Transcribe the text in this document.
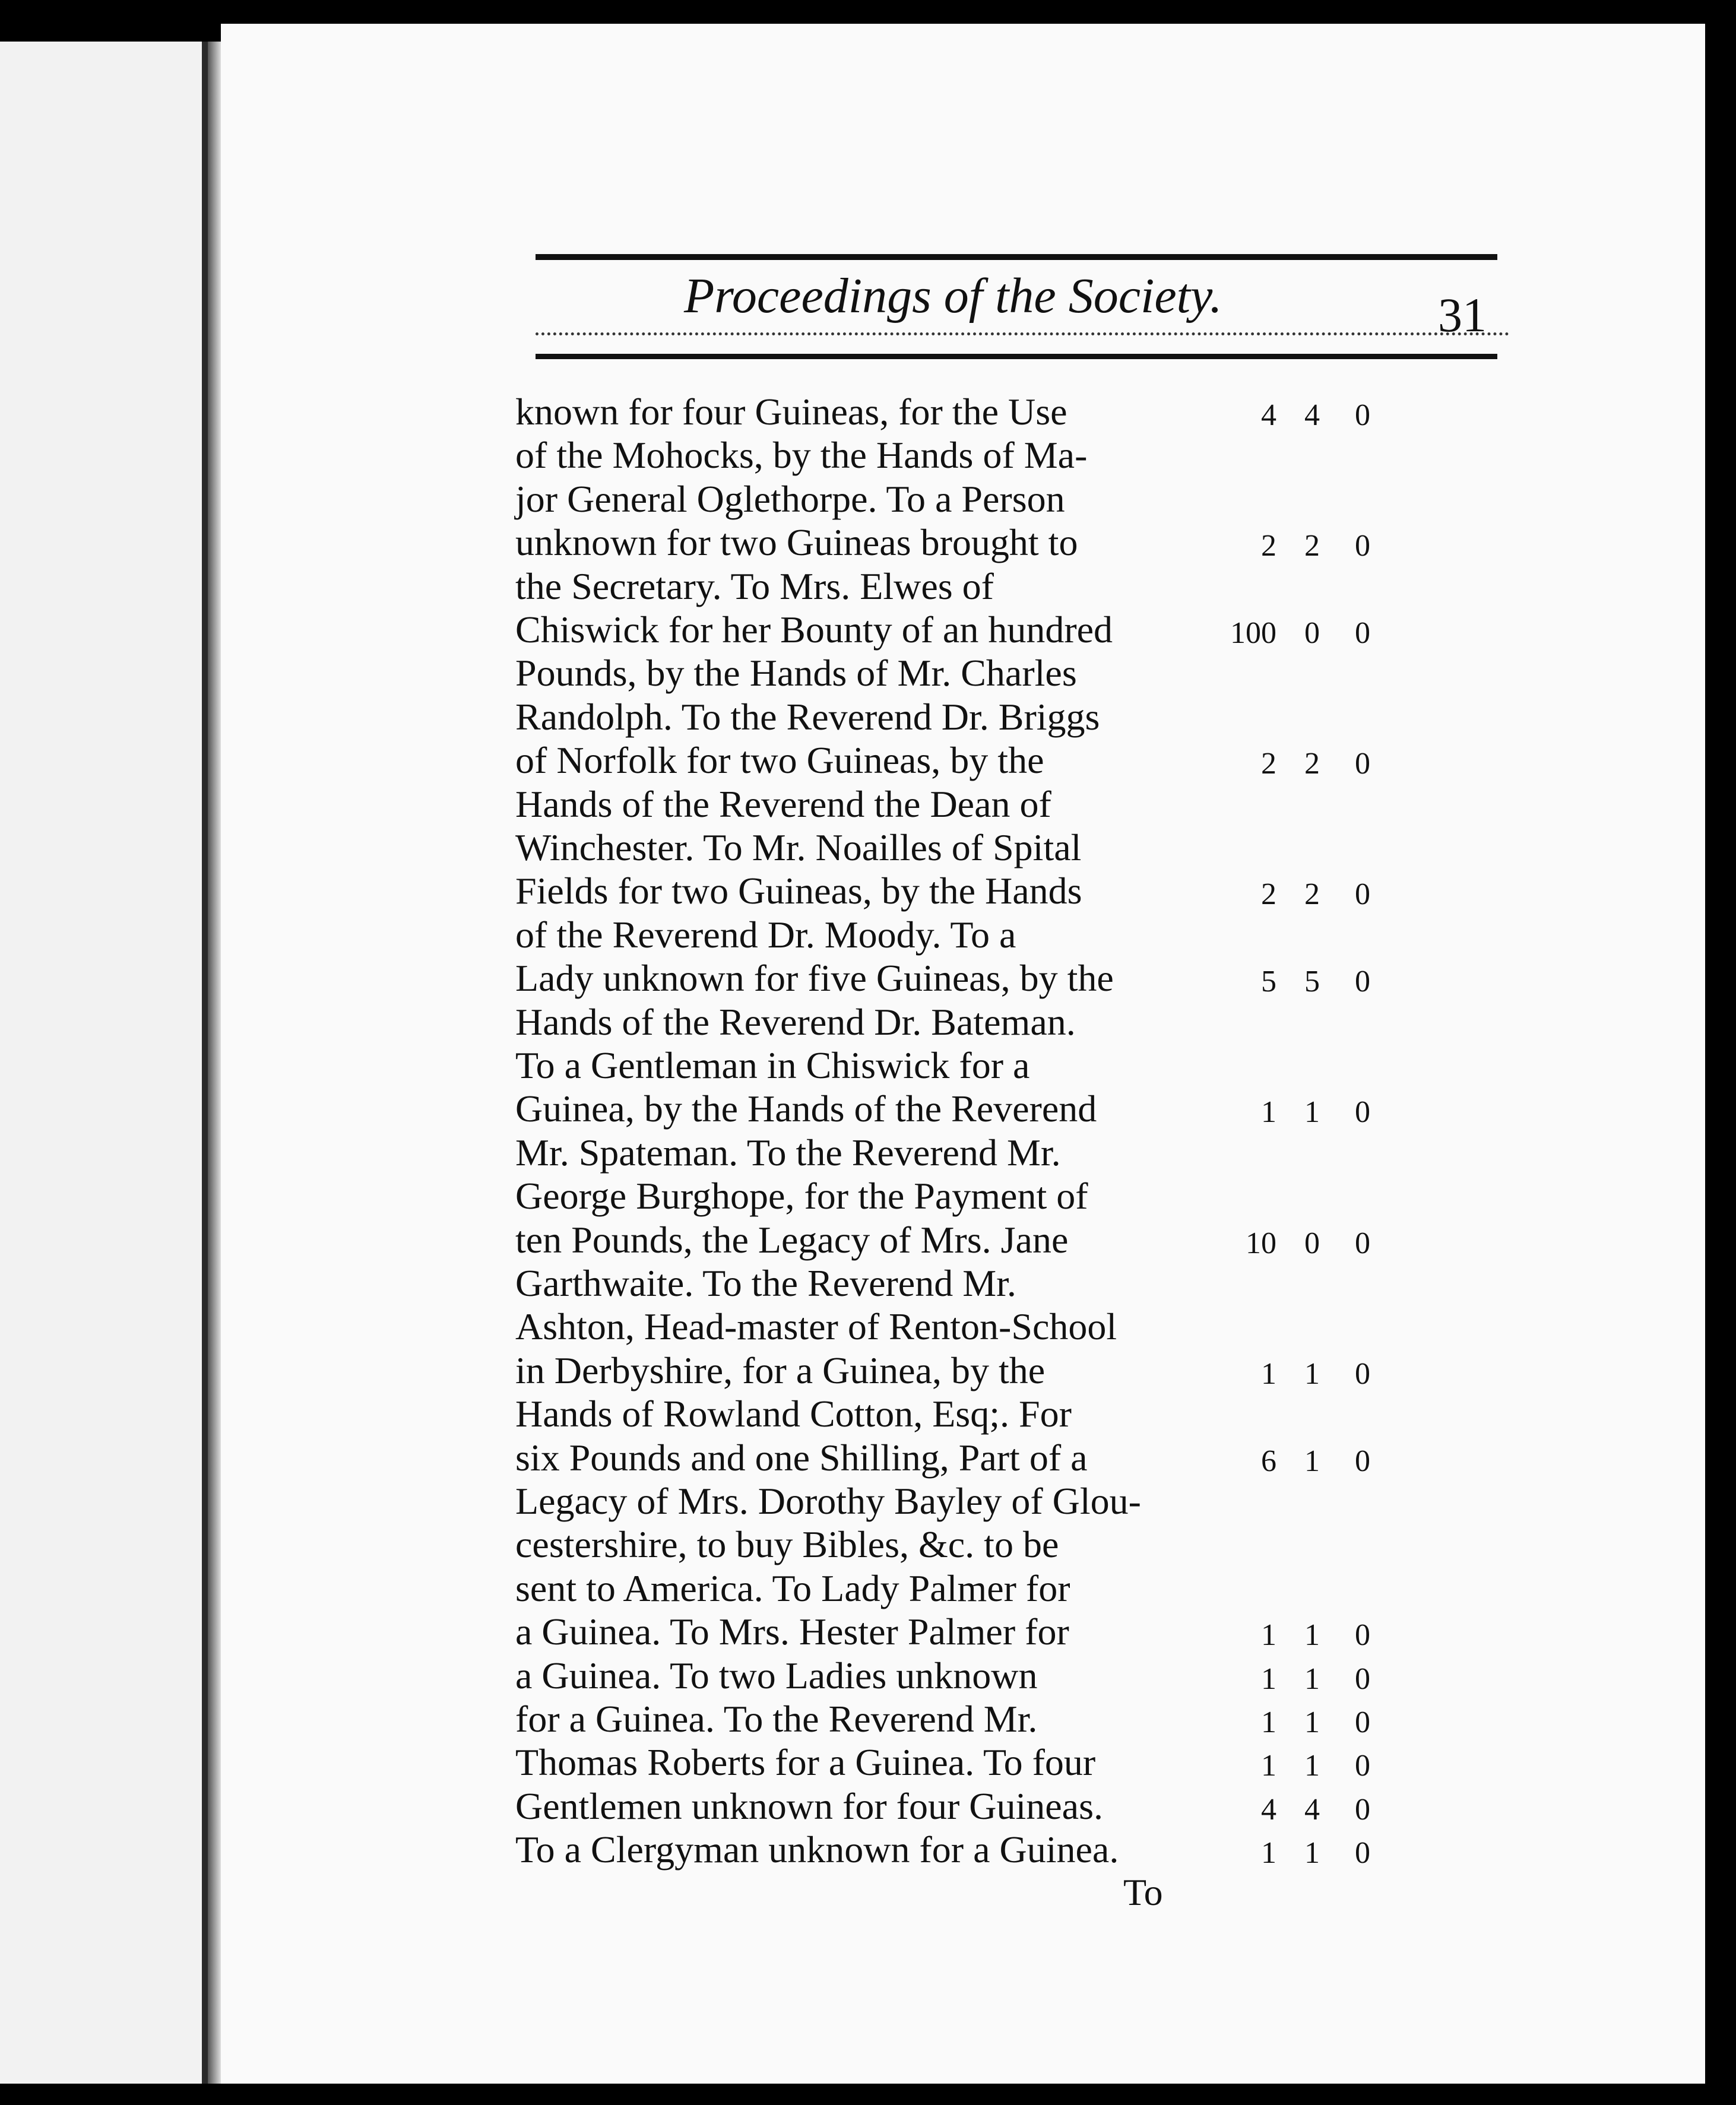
Proceedings of the Society.	31
known for four Guineas, for the Use	4 4	0
of the Mohocks, by the Hands of Ma-
jor General Oglethorpe. To a Person
unknown for two Guineas brought to	2 2	0
the Secretary. To Mrs. Elwes of
Chiswick for her Bounty of an hundred	100 0	0
Pounds, by the Hands of Mr. Charles
Randolph. To the Reverend Dr. Briggs
of Norfolk for two Guineas, by the	2 2	0
Hands of the Reverend the Dean of
Winchester. To Mr. Noailles of Spital
Fields for two Guineas, by the Hands	2 2	0
of the Reverend Dr. Moody. To a
Lady unknown for five Guineas, by the	5 5	0
Hands of the Reverend Dr. Bateman.
To a Gentleman in Chiswick for a
Guinea, by the Hands of the Reverend	1 1	0
Mr. Spateman. To the Reverend Mr.
George Burghope, for the Payment of
ten Pounds, the Legacy of Mrs. Jane	10 0	0
Garthwaite. To the Reverend Mr.
Ashton, Head-master of Renton-School
in Derbyshire, for a Guinea, by the	1 1	0
Hands of Rowland Cotton, Esq;. For
six Pounds and one Shilling, Part of a	6 1	0
Legacy of Mrs. Dorothy Bayley of Glou-
cestershire, to buy Bibles, &c. to be
sent to America. To Lady Palmer for
a Guinea. To Mrs. Hester Palmer for	1 1	0
a Guinea. To two Ladies unknown	1 1	0
for a Guinea. To the Reverend Mr.	1 1	0
Thomas Roberts for a Guinea. To four	1 1	0
Gentlemen unknown for four Guineas.	4 4	0
To a Clergyman unknown for a Guinea.	1 1	0
To
